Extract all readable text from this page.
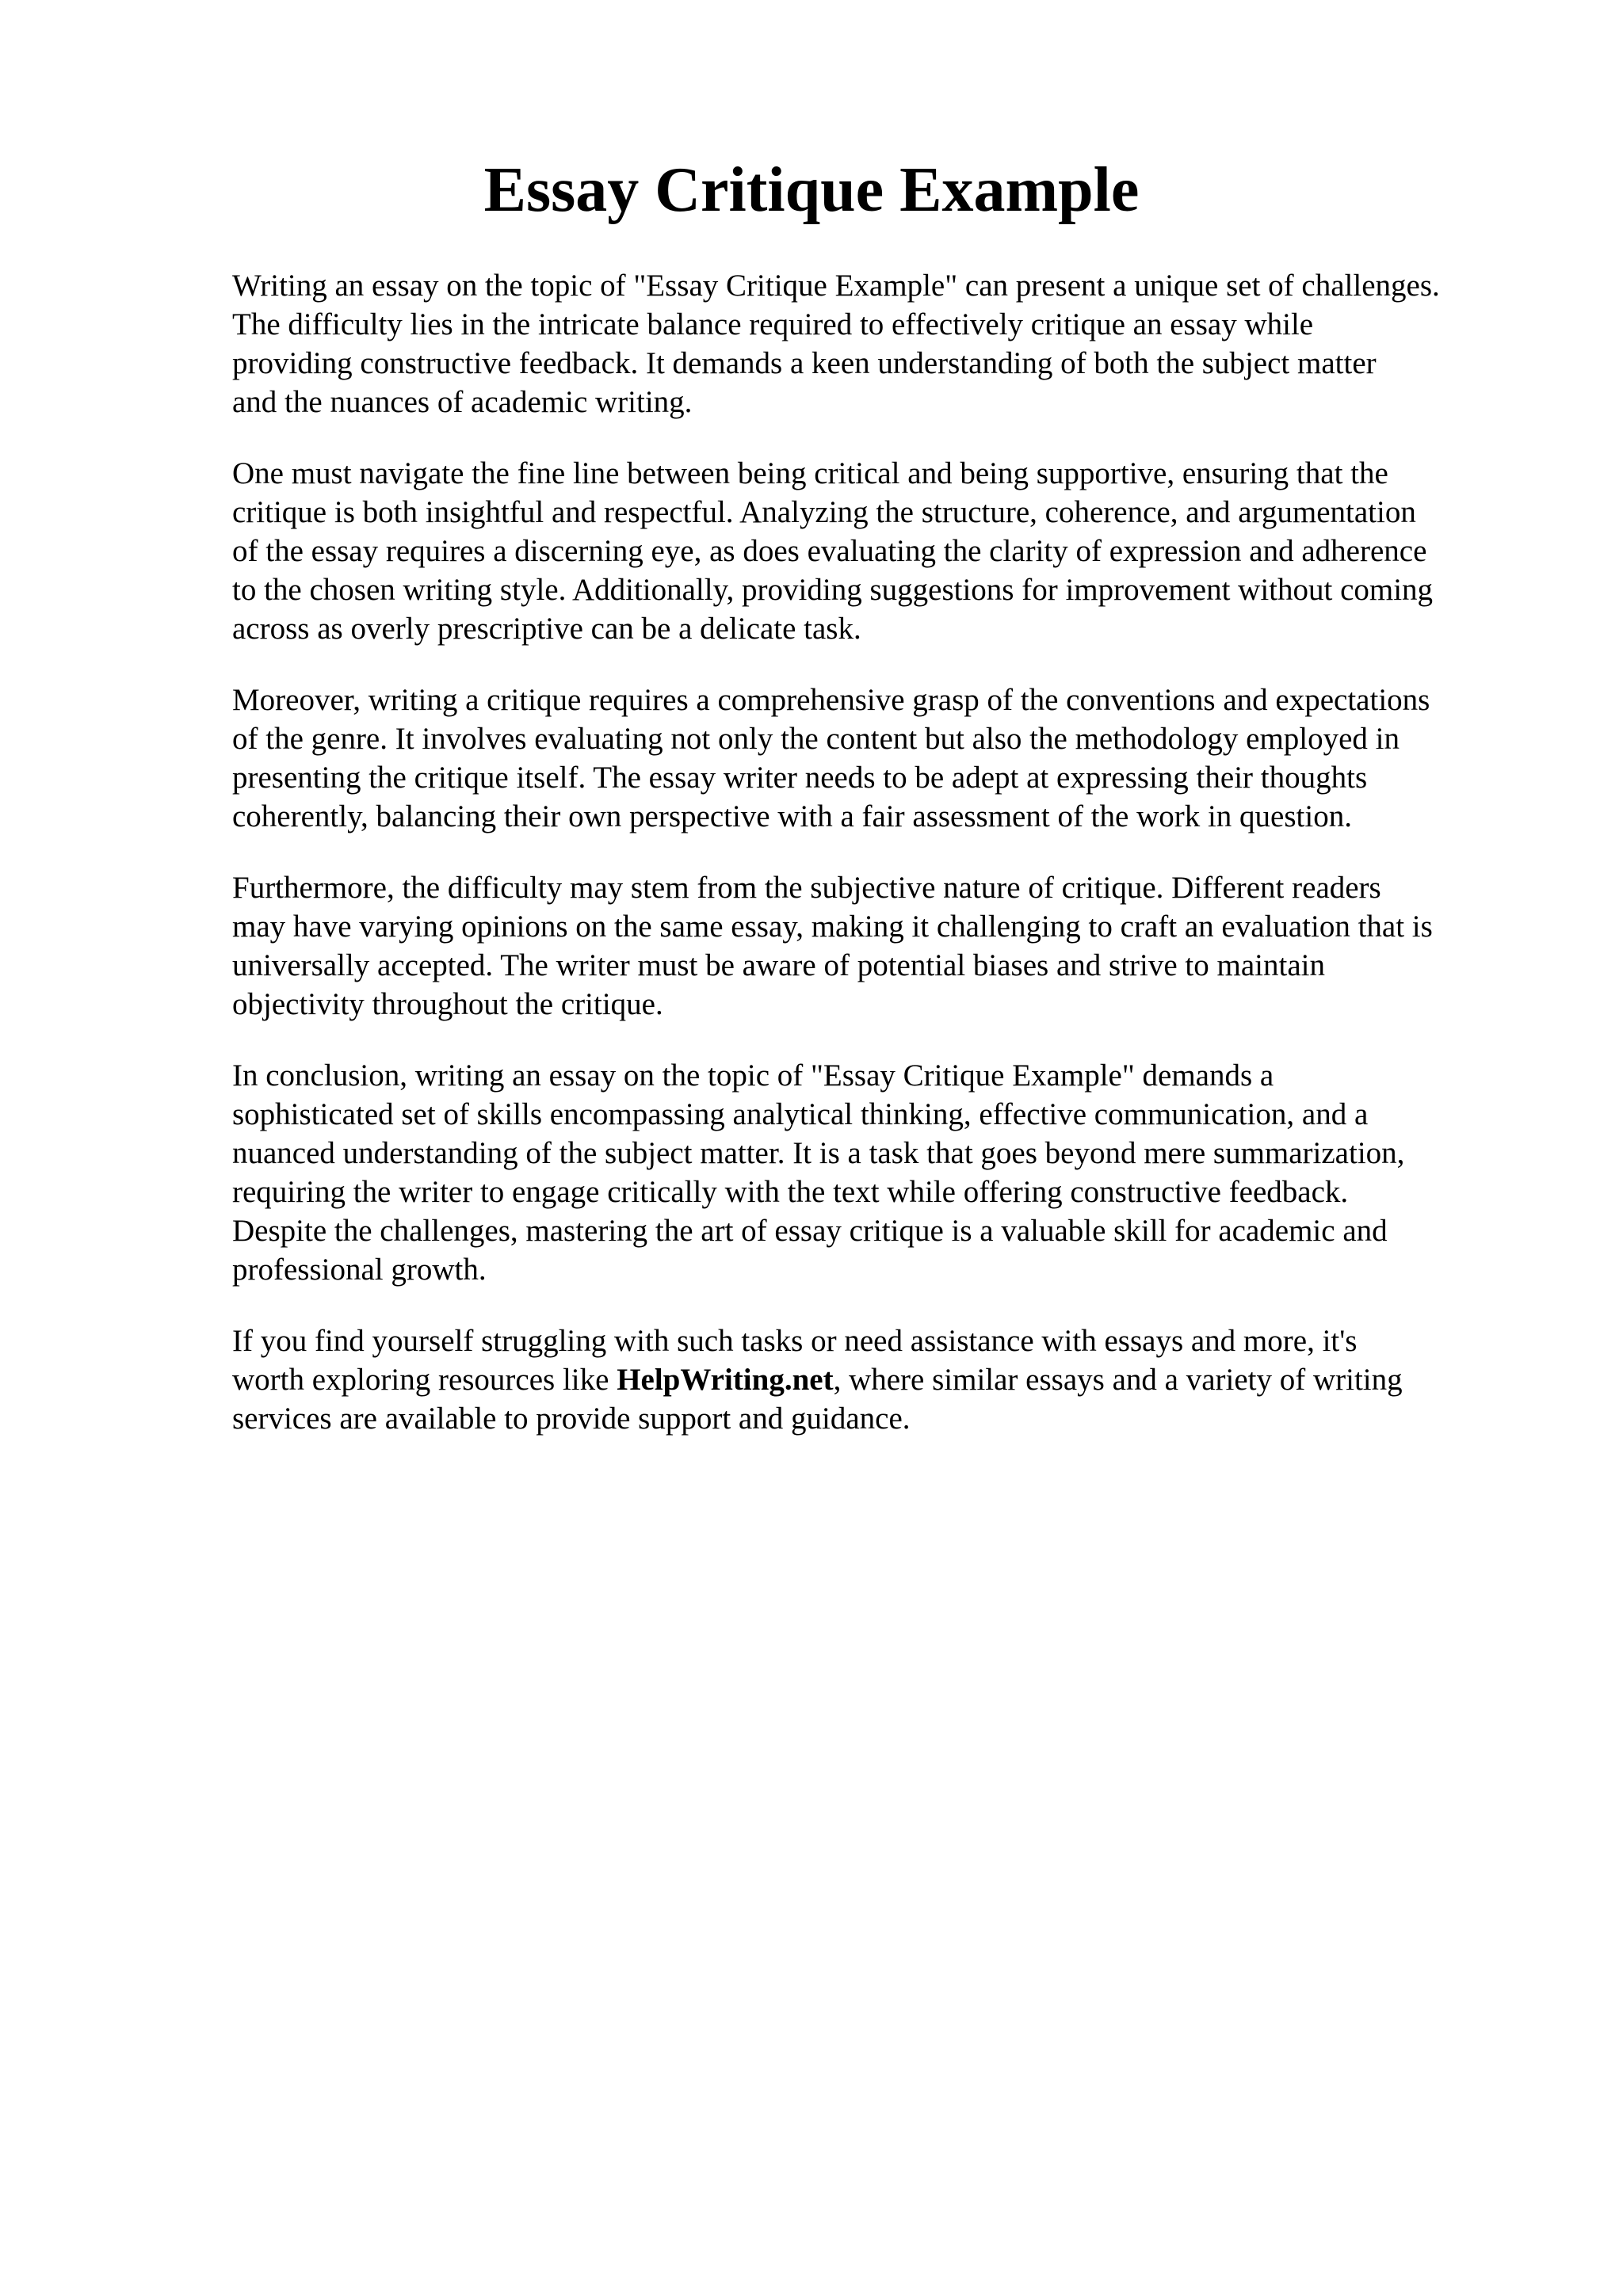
Essay Critique Example

Writing an essay on the topic of "Essay Critique Example" can present a unique set of challenges.
The difficulty lies in the intricate balance required to effectively critique an essay while
providing constructive feedback. It demands a keen understanding of both the subject matter
and the nuances of academic writing.

One must navigate the fine line between being critical and being supportive, ensuring that the
critique is both insightful and respectful. Analyzing the structure, coherence, and argumentation
of the essay requires a discerning eye, as does evaluating the clarity of expression and adherence
to the chosen writing style. Additionally, providing suggestions for improvement without coming
across as overly prescriptive can be a delicate task.

Moreover, writing a critique requires a comprehensive grasp of the conventions and expectations
of the genre. It involves evaluating not only the content but also the methodology employed in
presenting the critique itself. The essay writer needs to be adept at expressing their thoughts
coherently, balancing their own perspective with a fair assessment of the work in question.

Furthermore, the difficulty may stem from the subjective nature of critique. Different readers
may have varying opinions on the same essay, making it challenging to craft an evaluation that is
universally accepted. The writer must be aware of potential biases and strive to maintain
objectivity throughout the critique.

In conclusion, writing an essay on the topic of "Essay Critique Example" demands a
sophisticated set of skills encompassing analytical thinking, effective communication, and a
nuanced understanding of the subject matter. It is a task that goes beyond mere summarization,
requiring the writer to engage critically with the text while offering constructive feedback.
Despite the challenges, mastering the art of essay critique is a valuable skill for academic and
professional growth.

If you find yourself struggling with such tasks or need assistance with essays and more, it's
worth exploring resources like HelpWriting.net, where similar essays and a variety of writing
services are available to provide support and guidance.
